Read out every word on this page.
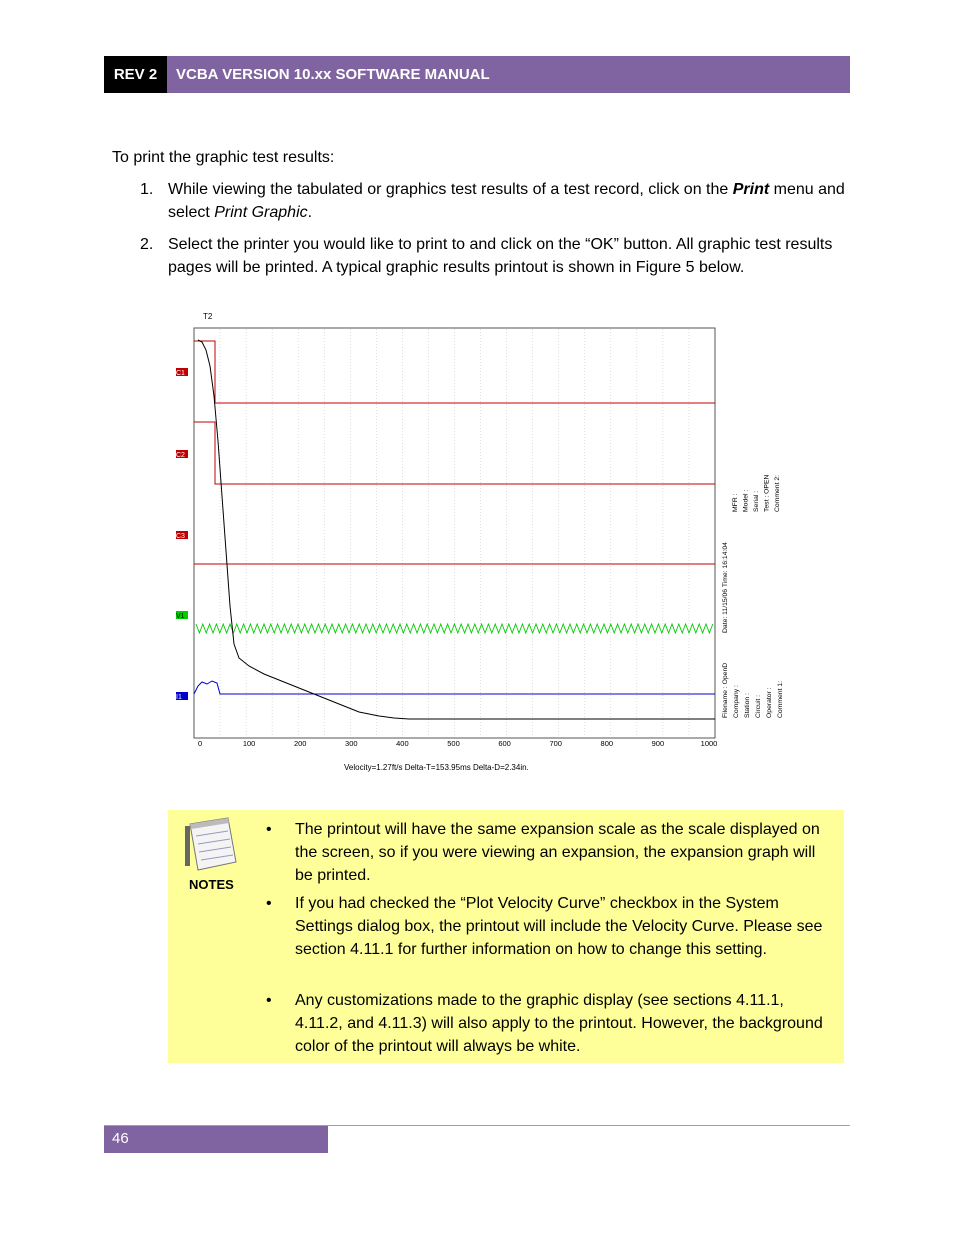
REV 2	VCBA VERSION 10.xx SOFTWARE MANUAL
To print the graphic test results:
1. While viewing the tabulated or graphics test results of a test record, click on the Print menu and select Print Graphic.
2. Select the printer you would like to print to and click on the “OK” button. All graphic test results pages will be printed. A typical graphic results printout is shown in Figure 5 below.
T2
C1
C2
C3
V1
I1
0	100	200	300	400	500	600	700	800	900	1000
Velocity=1.27ft/s Delta-T=153.95ms Delta-D=2.34in.
Filename : OpenD Company : Station : Circuit : Operator : Comment 1:
Date: 11/15/06 Time: 16:14:04
MFR : Model : Serial : Test : OPEN Comment 2:
NOTES
• The printout will have the same expansion scale as the scale displayed on the screen, so if you were viewing an expansion, the expansion graph will be printed.
• If you had checked the “Plot Velocity Curve” checkbox in the System Settings dialog box, the printout will include the Velocity Curve. Please see section 4.11.1 for further information on how to change this setting.
• Any customizations made to the graphic display (see sections 4.11.1, 4.11.2, and 4.11.3) will also apply to the printout. However, the background color of the printout will always be white.
46
